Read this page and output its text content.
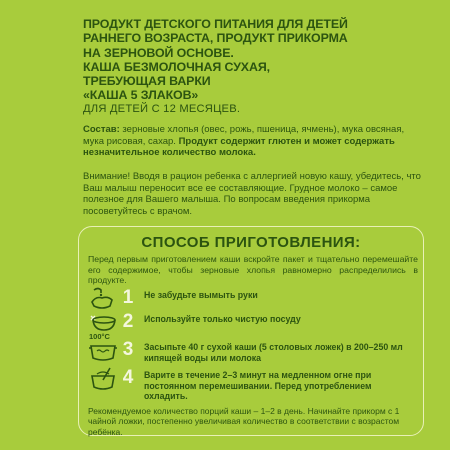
ПРОДУКТ ДЕТСКОГО ПИТАНИЯ ДЛЯ ДЕТЕЙ
РАННЕГО ВОЗРАСТА, ПРОДУКТ ПРИКОРМА
НА ЗЕРНОВОЙ ОСНОВЕ.
КАША БЕЗМОЛОЧНАЯ СУХАЯ,
ТРЕБУЮЩАЯ ВАРКИ
«КАША 5 ЗЛАКОВ»
ДЛЯ ДЕТЕЙ С 12 МЕСЯЦЕВ.
Состав: зерновые хлопья (овес, рожь, пшеница, ячмень), мука овсяная, мука рисовая, сахар. Продукт содержит глютен и может содержать незначительное количество молока.
Внимание! Вводя в рацион ребенка с аллергией новую кашу, убедитесь, что Ваш малыш переносит все ее составляющие. Грудное молоко – самое полезное для Вашего малыша. По вопросам введения прикорма посоветуйтесь с врачом.
СПОСОБ ПРИГОТОВЛЕНИЯ:
Перед первым приготовлением каши вскройте пакет и тщательно перемешайте его содержимое, чтобы зерновые хлопья равномерно распределились в продукте.
1	Не забудьте вымыть руки
2	Используйте только чистую посуду
100°C
3	Засыпьте 40 г сухой каши (5 столовых ложек) в 200–250 мл кипящей воды или молока
4	Варите в течение 2–3 минут на медленном огне при постоянном перемешивании. Перед употреблением охладить.
Рекомендуемое количество порций каши – 1–2 в день. Начинайте прикорм с 1 чайной ложки, постепенно увеличивая количество в соответствии с возрастом ребёнка.
